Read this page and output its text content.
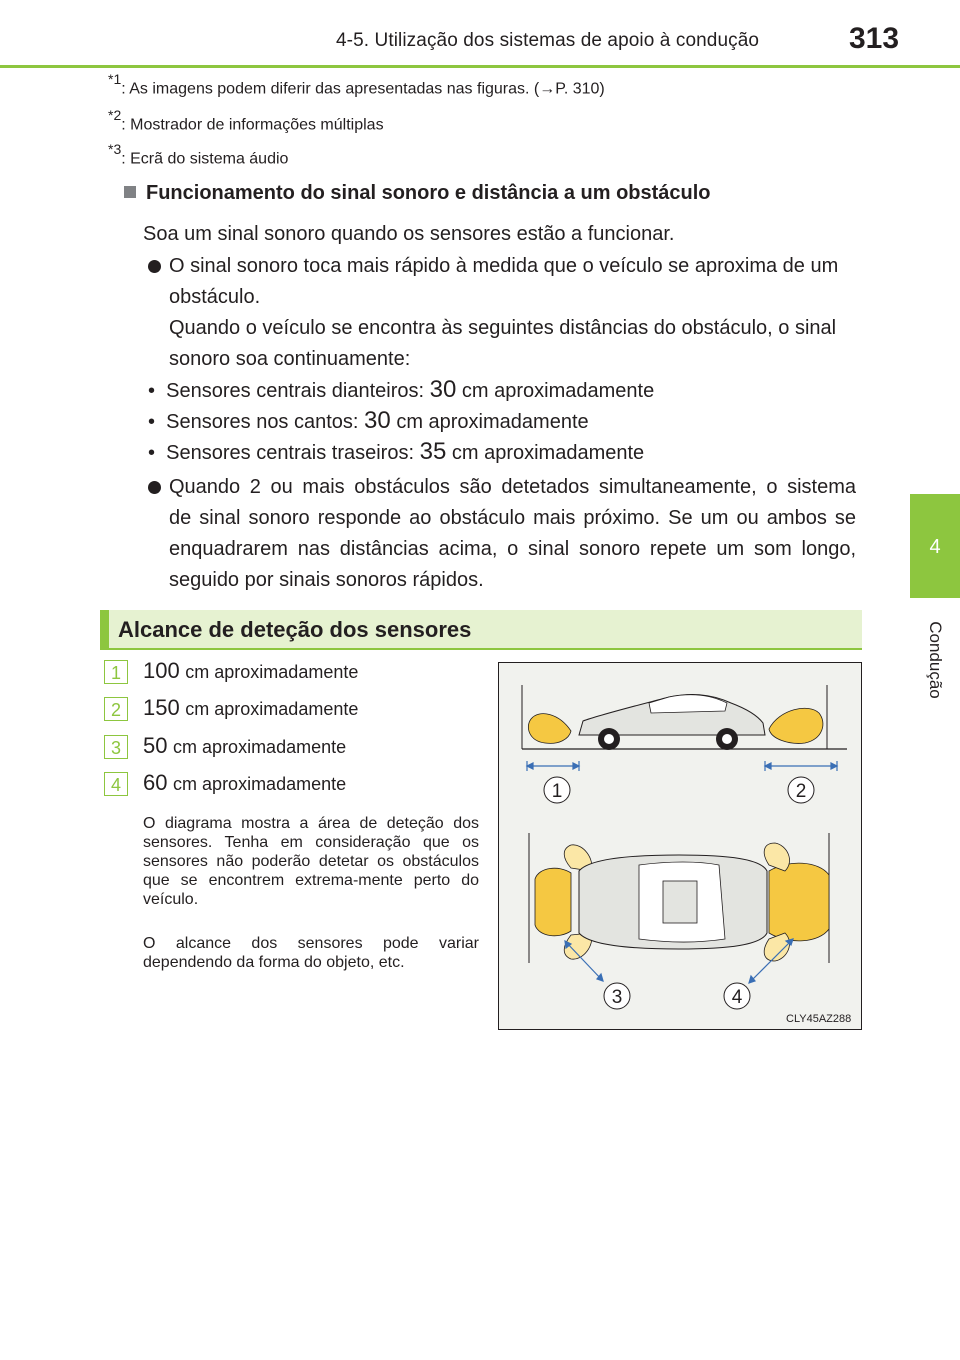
4-5. Utilização dos sistemas de apoio à condução	313
4
Condução
$^{*1}$: As imagens podem diferir das apresentadas nas figuras. (→P. 310)
$^{*2}$: Mostrador de informações múltiplas
$^{*3}$: Ecrã do sistema áudio
Funcionamento do sinal sonoro e distância a um obstáculo
Soa um sinal sonoro quando os sensores estão a funcionar.
O sinal sonoro toca mais rápido à medida que o veículo se aproxima de um
obstáculo.
Quando o veículo se encontra às seguintes distâncias do obstáculo, o sinal
sonoro soa continuamente:
• Sensores centrais dianteiros: 30 cm aproximadamente
• Sensores nos cantos: 30 cm aproximadamente
• Sensores centrais traseiros: 35 cm aproximadamente
Quando 2 ou mais obstáculos são detetados simultaneamente, o sistema
de sinal sonoro responde ao obstáculo mais próximo. Se um ou ambos se
enquadrarem nas distâncias acima, o sinal sonoro repete um som longo,
seguido por sinais sonoros rápidos.
Alcance de deteção dos sensores
1	100 cm aproximadamente
2	150 cm aproximadamente
3	50 cm aproximadamente
4	60 cm aproximadamente
O diagrama mostra a área de deteção dos sensores. Tenha em consideração que os sensores não poderão detetar os obstáculos que se encontrem extrema-mente perto do veículo.
O alcance dos sensores pode variar dependendo da forma do objeto, etc.
1	2
3	4
CLY45AZ288
